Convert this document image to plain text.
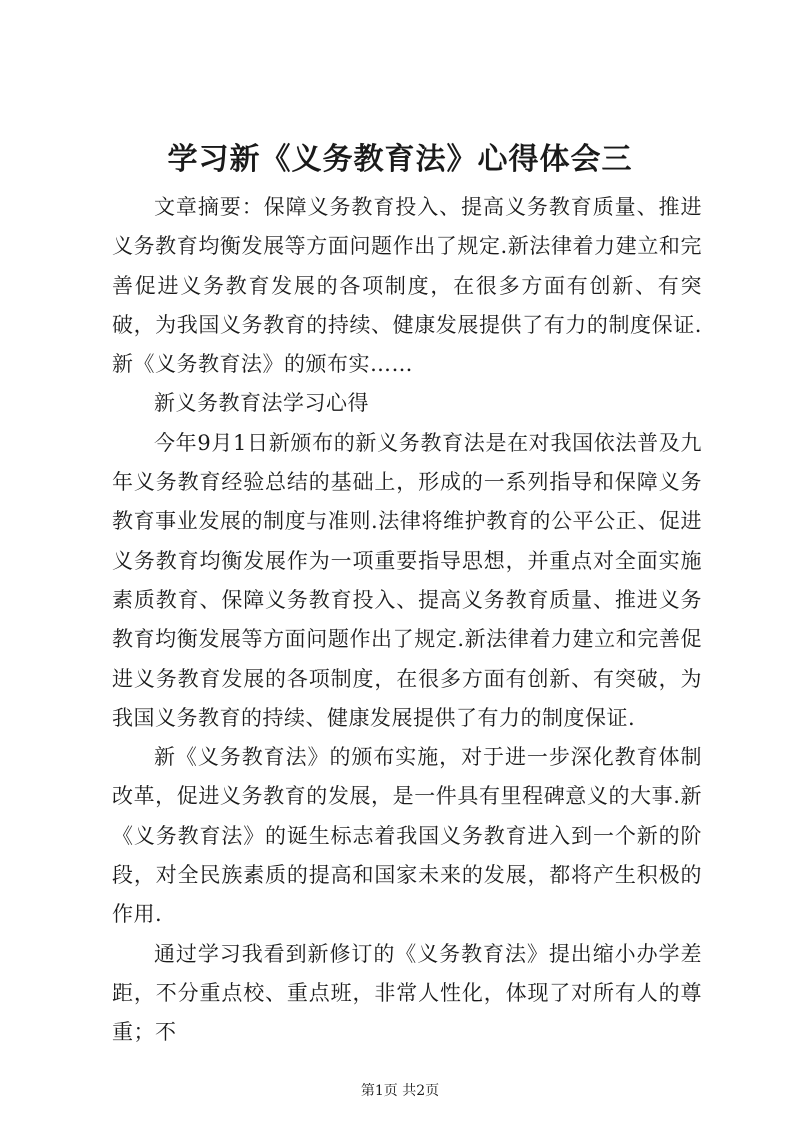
学习新《义务教育法》心得体会三

文章摘要：保障义务教育投入、提高义务教育质量、推进义务教育均衡发展等方面问题作出了规定.新法律着力建立和完善促进义务教育发展的各项制度，在很多方面有创新、有突破，为我国义务教育的持续、健康发展提供了有力的制度保证.新《义务教育法》的颁布实……

新义务教育法学习心得

今年9月1日新颁布的新义务教育法是在对我国依法普及九年义务教育经验总结的基础上，形成的一系列指导和保障义务教育事业发展的制度与准则.法律将维护教育的公平公正、促进义务教育均衡发展作为一项重要指导思想，并重点对全面实施素质教育、保障义务教育投入、提高义务教育质量、推进义务教育均衡发展等方面问题作出了规定.新法律着力建立和完善促进义务教育发展的各项制度，在很多方面有创新、有突破，为我国义务教育的持续、健康发展提供了有力的制度保证.

新《义务教育法》的颁布实施，对于进一步深化教育体制改革，促进义务教育的发展，是一件具有里程碑意义的大事.新《义务教育法》的诞生标志着我国义务教育进入到一个新的阶段，对全民族素质的提高和国家未来的发展，都将产生积极的作用.

通过学习我看到新修订的《义务教育法》提出缩小办学差距，不分重点校、重点班，非常人性化，体现了对所有人的尊重；不

第1页 共2页
